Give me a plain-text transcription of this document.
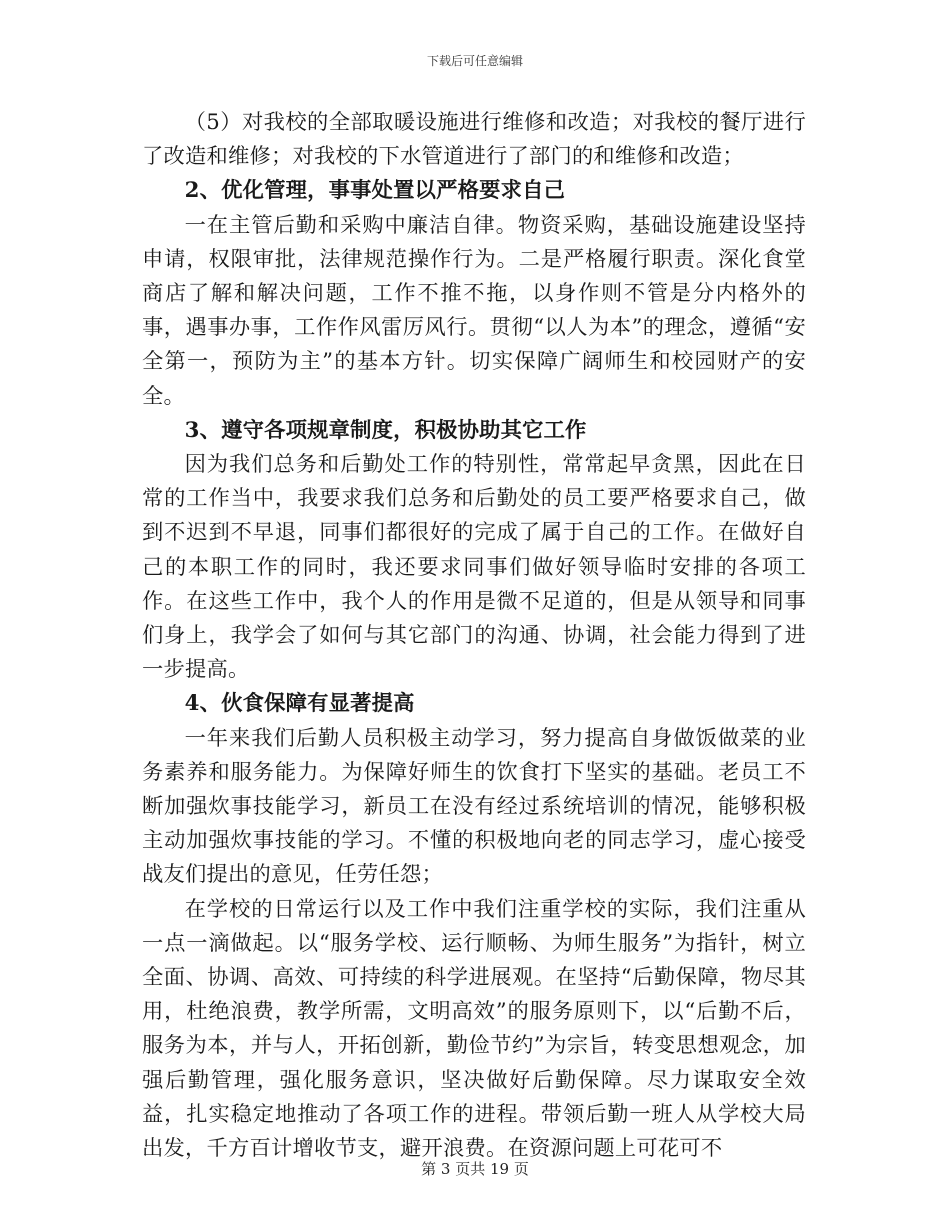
下载后可任意编辑

（5）对我校的全部取暖设施进行维修和改造；对我校的餐厅进行了改造和维修；对我校的下水管道进行了部门的和维修和改造；

2、优化管理，事事处置以严格要求自己

一在主管后勤和采购中廉洁自律。物资采购，基础设施建设坚持申请，权限审批，法律规范操作行为。二是严格履行职责。深化食堂商店了解和解决问题，工作不推不拖，以身作则不管是分内格外的事，遇事办事，工作作风雷厉风行。贯彻“以人为本”的理念，遵循“安全第一，预防为主”的基本方针。切实保障广阔师生和校园财产的安全。

3、遵守各项规章制度，积极协助其它工作

因为我们总务和后勤处工作的特别性，常常起早贪黑，因此在日常的工作当中，我要求我们总务和后勤处的员工要严格要求自己，做到不迟到不早退，同事们都很好的完成了属于自己的工作。在做好自己的本职工作的同时，我还要求同事们做好领导临时安排的各项工作。在这些工作中，我个人的作用是微不足道的，但是从领导和同事们身上，我学会了如何与其它部门的沟通、协调，社会能力得到了进一步提高。

4、伙食保障有显著提高

一年来我们后勤人员积极主动学习，努力提高自身做饭做菜的业务素养和服务能力。为保障好师生的饮食打下坚实的基础。老员工不断加强炊事技能学习，新员工在没有经过系统培训的情况，能够积极主动加强炊事技能的学习。不懂的积极地向老的同志学习，虚心接受战友们提出的意见，任劳任怨；

在学校的日常运行以及工作中我们注重学校的实际，我们注重从一点一滴做起。以“服务学校、运行顺畅、为师生服务”为指针，树立全面、协调、高效、可持续的科学进展观。在坚持“后勤保障，物尽其用，杜绝浪费，教学所需，文明高效”的服务原则下，以“后勤不后，服务为本，并与人，开拓创新，勤俭节约”为宗旨，转变思想观念，加强后勤管理，强化服务意识，坚决做好后勤保障。尽力谋取安全效益，扎实稳定地推动了各项工作的进程。带领后勤一班人从学校大局出发，千方百计增收节支，避开浪费。在资源问题上可花可不

第 3 页共 19 页
